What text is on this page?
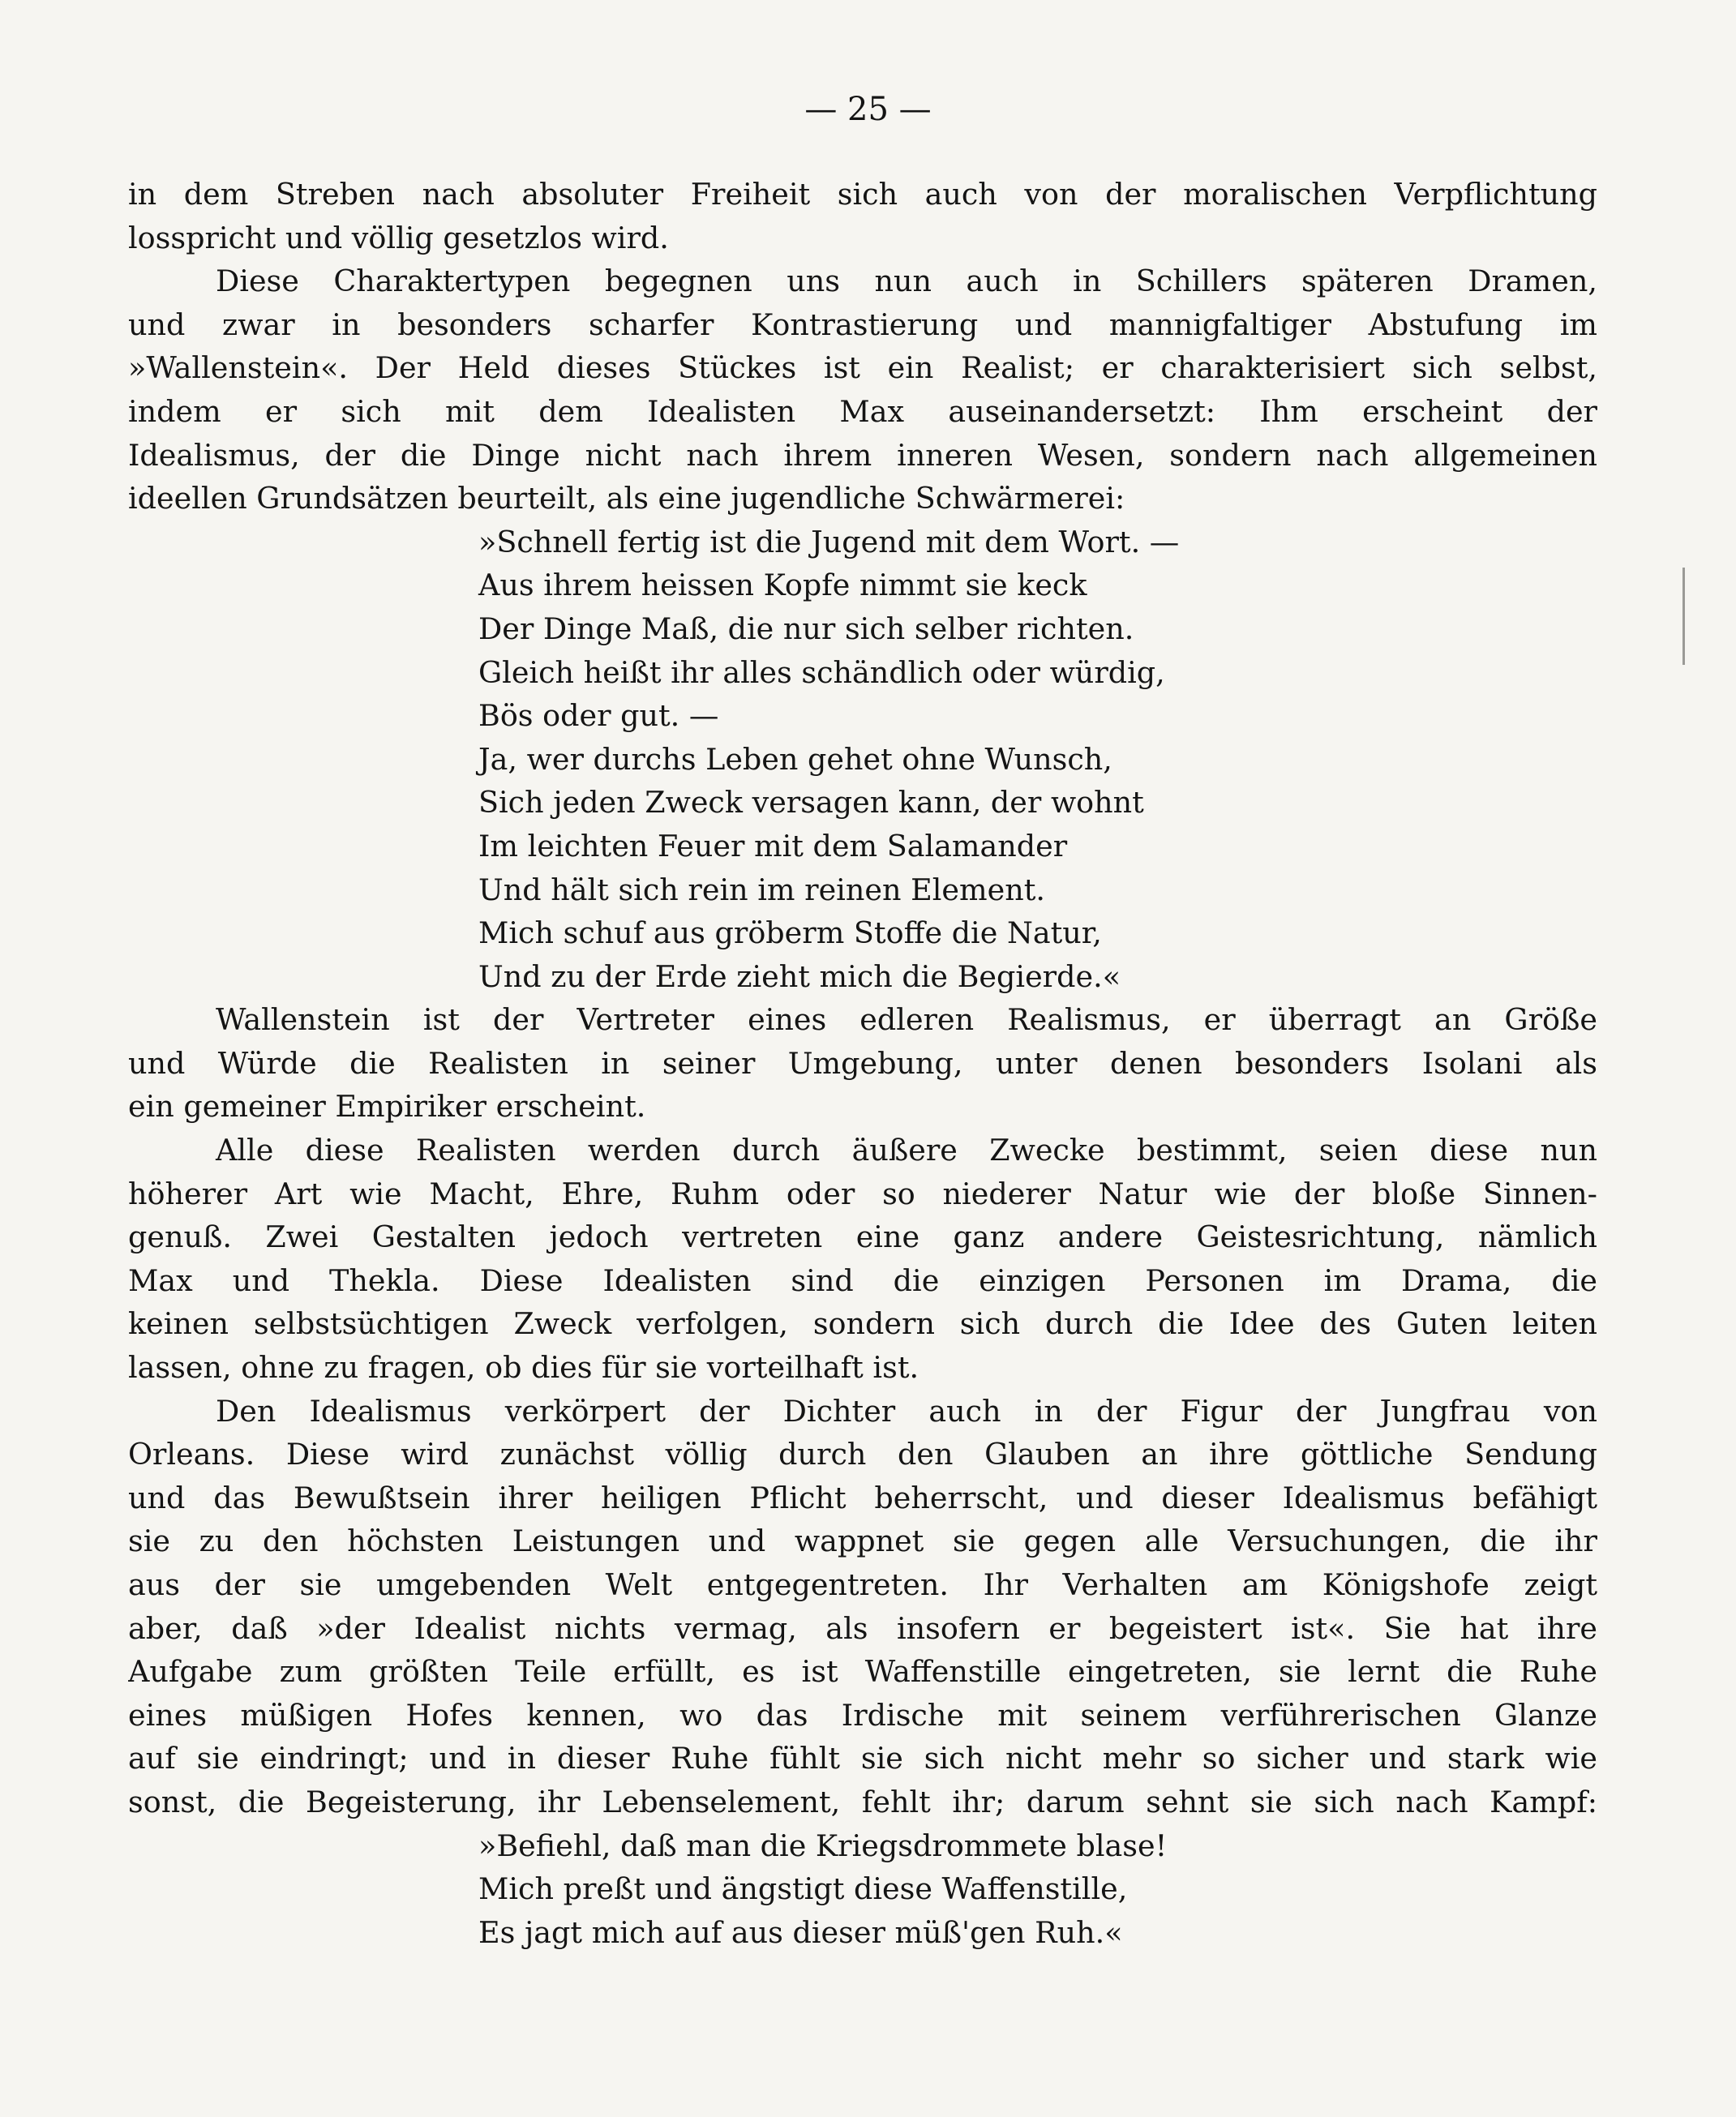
— 25 —
in dem Streben nach absoluter Freiheit sich auch von der moralischen Verpflichtung
losspricht und völlig gesetzlos wird.
Diese Charaktertypen begegnen uns nun auch in Schillers späteren Dramen,
und zwar in besonders scharfer Kontrastierung und mannigfaltiger Abstufung im
»Wallenstein«. Der Held dieses Stückes ist ein Realist; er charakterisiert sich selbst,
indem er sich mit dem Idealisten Max auseinandersetzt: Ihm erscheint der
Idealismus, der die Dinge nicht nach ihrem inneren Wesen, sondern nach allgemeinen
ideellen Grundsätzen beurteilt, als eine jugendliche Schwärmerei:
»Schnell fertig ist die Jugend mit dem Wort. —
Aus ihrem heissen Kopfe nimmt sie keck
Der Dinge Maß, die nur sich selber richten.
Gleich heißt ihr alles schändlich oder würdig,
Bös oder gut. —
Ja, wer durchs Leben gehet ohne Wunsch,
Sich jeden Zweck versagen kann, der wohnt
Im leichten Feuer mit dem Salamander
Und hält sich rein im reinen Element.
Mich schuf aus gröberm Stoffe die Natur,
Und zu der Erde zieht mich die Begierde.«
Wallenstein ist der Vertreter eines edleren Realismus, er überragt an Größe
und Würde die Realisten in seiner Umgebung, unter denen besonders Isolani als
ein gemeiner Empiriker erscheint.
Alle diese Realisten werden durch äußere Zwecke bestimmt, seien diese nun
höherer Art wie Macht, Ehre, Ruhm oder so niederer Natur wie der bloße Sinnen-
genuß. Zwei Gestalten jedoch vertreten eine ganz andere Geistesrichtung, nämlich
Max und Thekla. Diese Idealisten sind die einzigen Personen im Drama, die
keinen selbstsüchtigen Zweck verfolgen, sondern sich durch die Idee des Guten leiten
lassen, ohne zu fragen, ob dies für sie vorteilhaft ist.
Den Idealismus verkörpert der Dichter auch in der Figur der Jungfrau von
Orleans. Diese wird zunächst völlig durch den Glauben an ihre göttliche Sendung
und das Bewußtsein ihrer heiligen Pflicht beherrscht, und dieser Idealismus befähigt
sie zu den höchsten Leistungen und wappnet sie gegen alle Versuchungen, die ihr
aus der sie umgebenden Welt entgegentreten. Ihr Verhalten am Königshofe zeigt
aber, daß »der Idealist nichts vermag, als insofern er begeistert ist«. Sie hat ihre
Aufgabe zum größten Teile erfüllt, es ist Waffenstille eingetreten, sie lernt die Ruhe
eines müßigen Hofes kennen, wo das Irdische mit seinem verführerischen Glanze
auf sie eindringt; und in dieser Ruhe fühlt sie sich nicht mehr so sicher und stark wie
sonst, die Begeisterung, ihr Lebenselement, fehlt ihr; darum sehnt sie sich nach Kampf:
»Befiehl, daß man die Kriegsdrommete blase!
Mich preßt und ängstigt diese Waffenstille,
Es jagt mich auf aus dieser müß'gen Ruh.«
